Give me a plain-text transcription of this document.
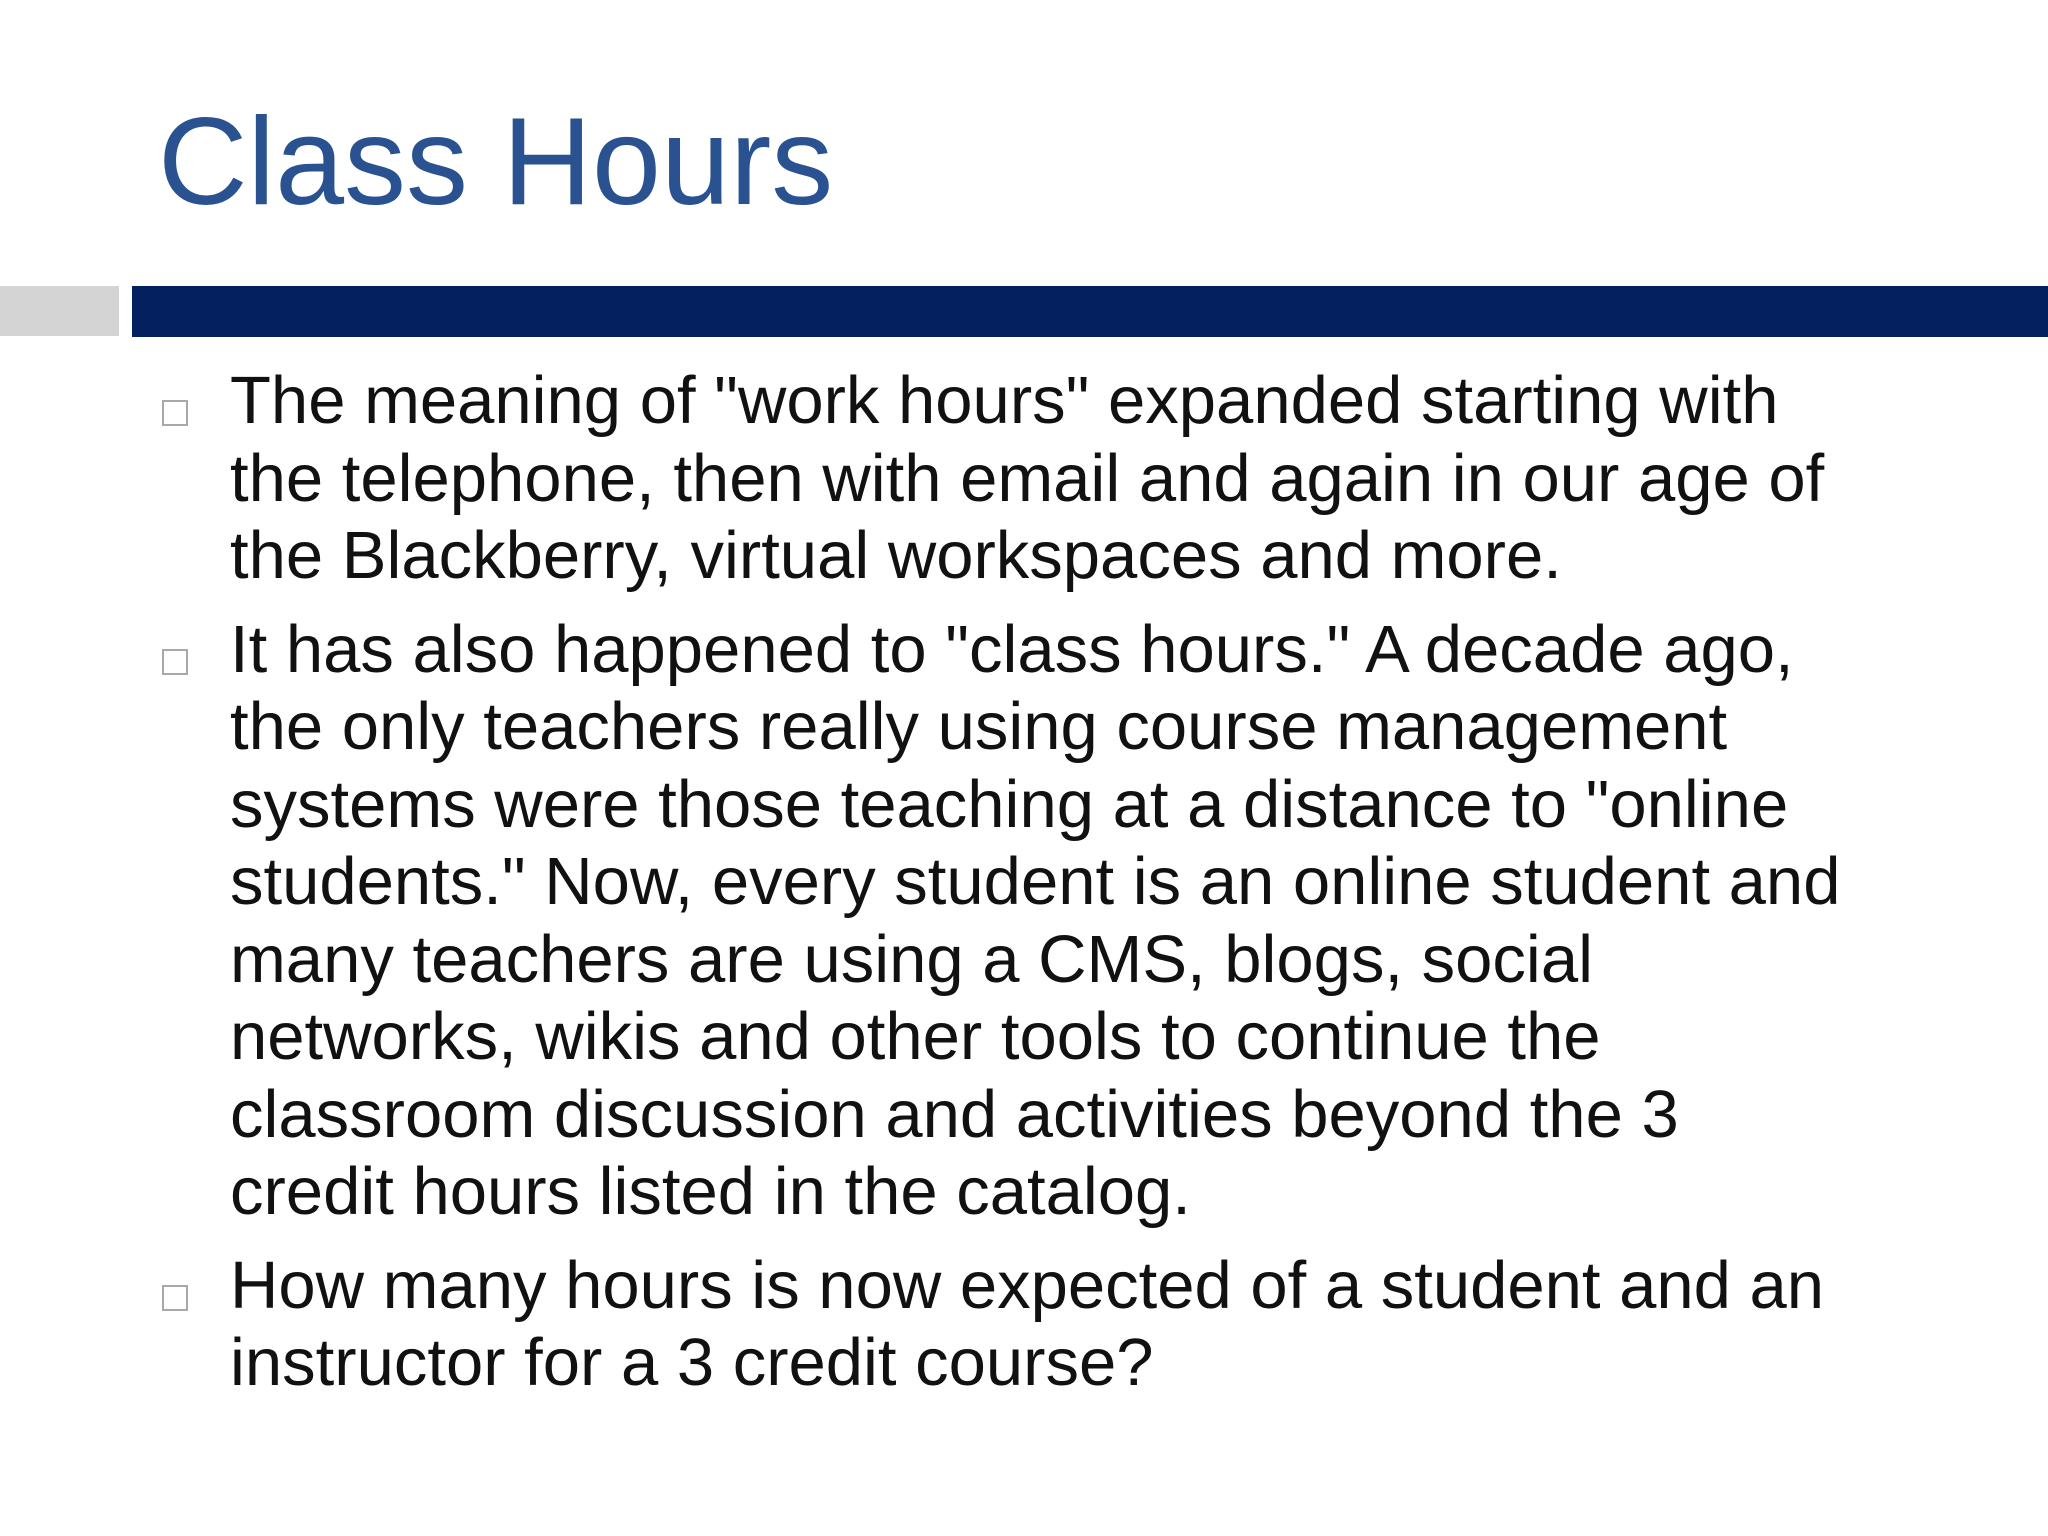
Class Hours
The meaning of "work hours" expanded starting with
the telephone, then with email and again in our age of
the Blackberry, virtual workspaces and more.
It has also happened to "class hours." A decade ago,
the only teachers really using course management
systems were those teaching at a distance to "online
students." Now, every student is an online student and
many teachers are using a CMS, blogs, social
networks, wikis and other tools to continue the
classroom discussion and activities beyond the 3
credit hours listed in the catalog.
How many hours is now expected of a student and an
instructor for a 3 credit course?
